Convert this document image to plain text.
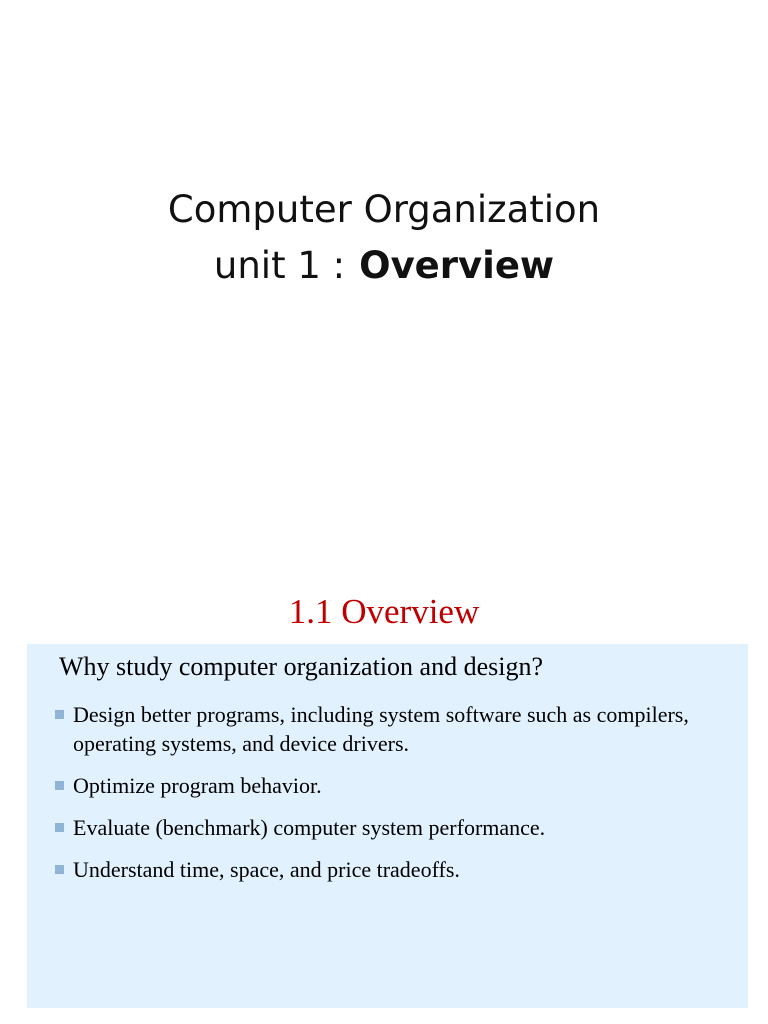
Computer Organization
unit 1 : Overview
1.1 Overview
Why study computer organization and design?
Design better programs, including system software such as compilers, operating systems, and device drivers.
Optimize program behavior.
Evaluate (benchmark) computer system performance.
Understand time, space, and price tradeoffs.
